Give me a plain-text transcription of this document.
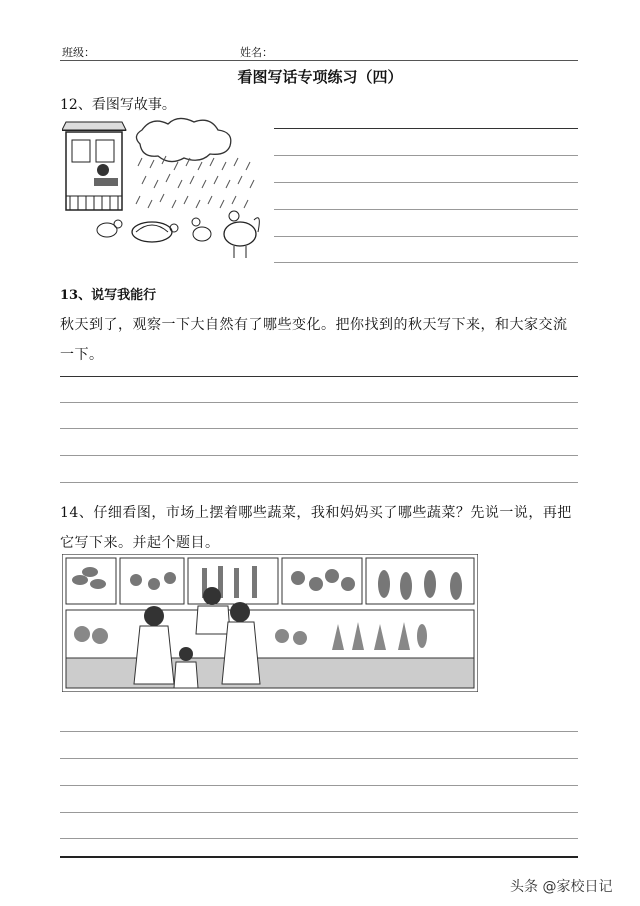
班级：	姓名：
看图写话专项练习（四）
12、看图写故事。
13、说写我能行
秋天到了，观察一下大自然有了哪些变化。把你找到的秋天写下来，和大家交流一下。
14、仔细看图，市场上摆着哪些蔬菜，我和妈妈买了哪些蔬菜？先说一说，再把它写下来。并起个题目。
头条 @家校日记
